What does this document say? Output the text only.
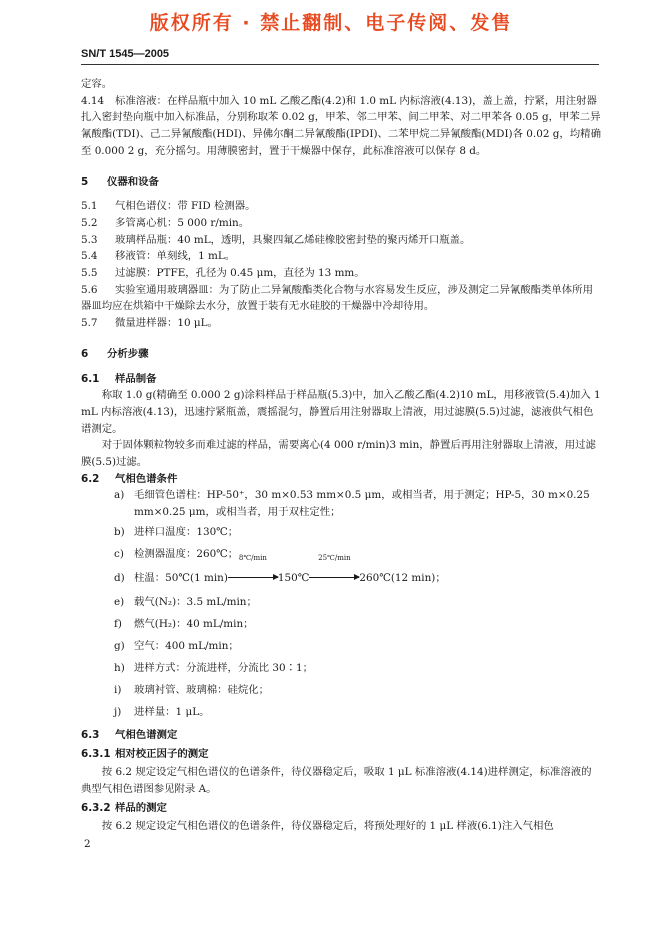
版权所有 · 禁止翻制、电子传阅、发售
SN/T 1545—2005

定容。

4.14 标准溶液：在样品瓶中加入 10 mL 乙酸乙酯(4.2)和 1.0 mL 内标溶液(4.13)，盖上盖，拧紧，用注射器扎入密封垫向瓶中加入标准品，分别称取苯 0.02 g，甲苯、邻二甲苯、间二甲苯、对二甲苯各 0.05 g，甲苯二异氰酸酯(TDI)、己二异氰酸酯(HDI)、异佛尔酮二异氰酸酯(IPDI)、二苯甲烷二异氰酸酯(MDI)各 0.02 g，均精确至 0.000 2 g，充分摇匀。用薄膜密封，置于干燥器中保存，此标准溶液可以保存 8 d。

5 仪器和设备

5.1 气相色谱仪：带 FID 检测器。

5.2 多管离心机：5 000 r/min。

5.3 玻璃样品瓶：40 mL，透明，具聚四氟乙烯硅橡胶密封垫的聚丙烯开口瓶盖。

5.4 移液管：单刻线，1 mL。

5.5 过滤膜：PTFE，孔径为 0.45 μm，直径为 13 mm。

5.6 实验室通用玻璃器皿：为了防止二异氰酸酯类化合物与水容易发生反应，涉及测定二异氰酸酯类单体所用器皿均应在烘箱中干燥除去水分，放置于装有无水硅胶的干燥器中冷却待用。

5.7 微量进样器：10 μL。

6 分析步骤

6.1 样品制备

称取 1.0 g(精确至 0.000 2 g)涂料样品于样品瓶(5.3)中，加入乙酸乙酯(4.2)10 mL，用移液管(5.4)加入 1 mL 内标溶液(4.13)，迅速拧紧瓶盖，震摇混匀，静置后用注射器取上清液，用过滤膜(5.5)过滤，滤液供气相色谱测定。

对于固体颗粒物较多而难过滤的样品，需要离心(4 000 r/min)3 min，静置后再用注射器取上清液，用过滤膜(5.5)过滤。

6.2 气相色谱条件

a) 毛细管色谱柱：HP-50⁺，30 m×0.53 mm×0.5 μm，或相当者，用于测定；HP-5，30 m×0.25 mm×0.25 μm，或相当者，用于双柱定性；

b) 进样口温度：130℃；

c) 检测器温度：260℃；

d) 柱温：50℃(1 min)
8℃/min
150℃
25℃/min
260℃(12 min)；

e) 载气(N₂)：3.5 mL/min；

f) 燃气(H₂)：40 mL/min；

g) 空气：400 mL/min；

h) 进样方式：分流进样，分流比 30∶1；

i) 玻璃衬管、玻璃棉：硅烷化；

j) 进样量：1 μL。

6.3 气相色谱测定

6.3.1 相对校正因子的测定

按 6.2 规定设定气相色谱仪的色谱条件，待仪器稳定后，吸取 1 μL 标准溶液(4.14)进样测定，标准溶液的典型气相色谱图参见附录 A。

6.3.2 样品的测定

按 6.2 规定设定气相色谱仪的色谱条件，待仪器稳定后，将预处理好的 1 μL 样液(6.1)注入气相色

2
